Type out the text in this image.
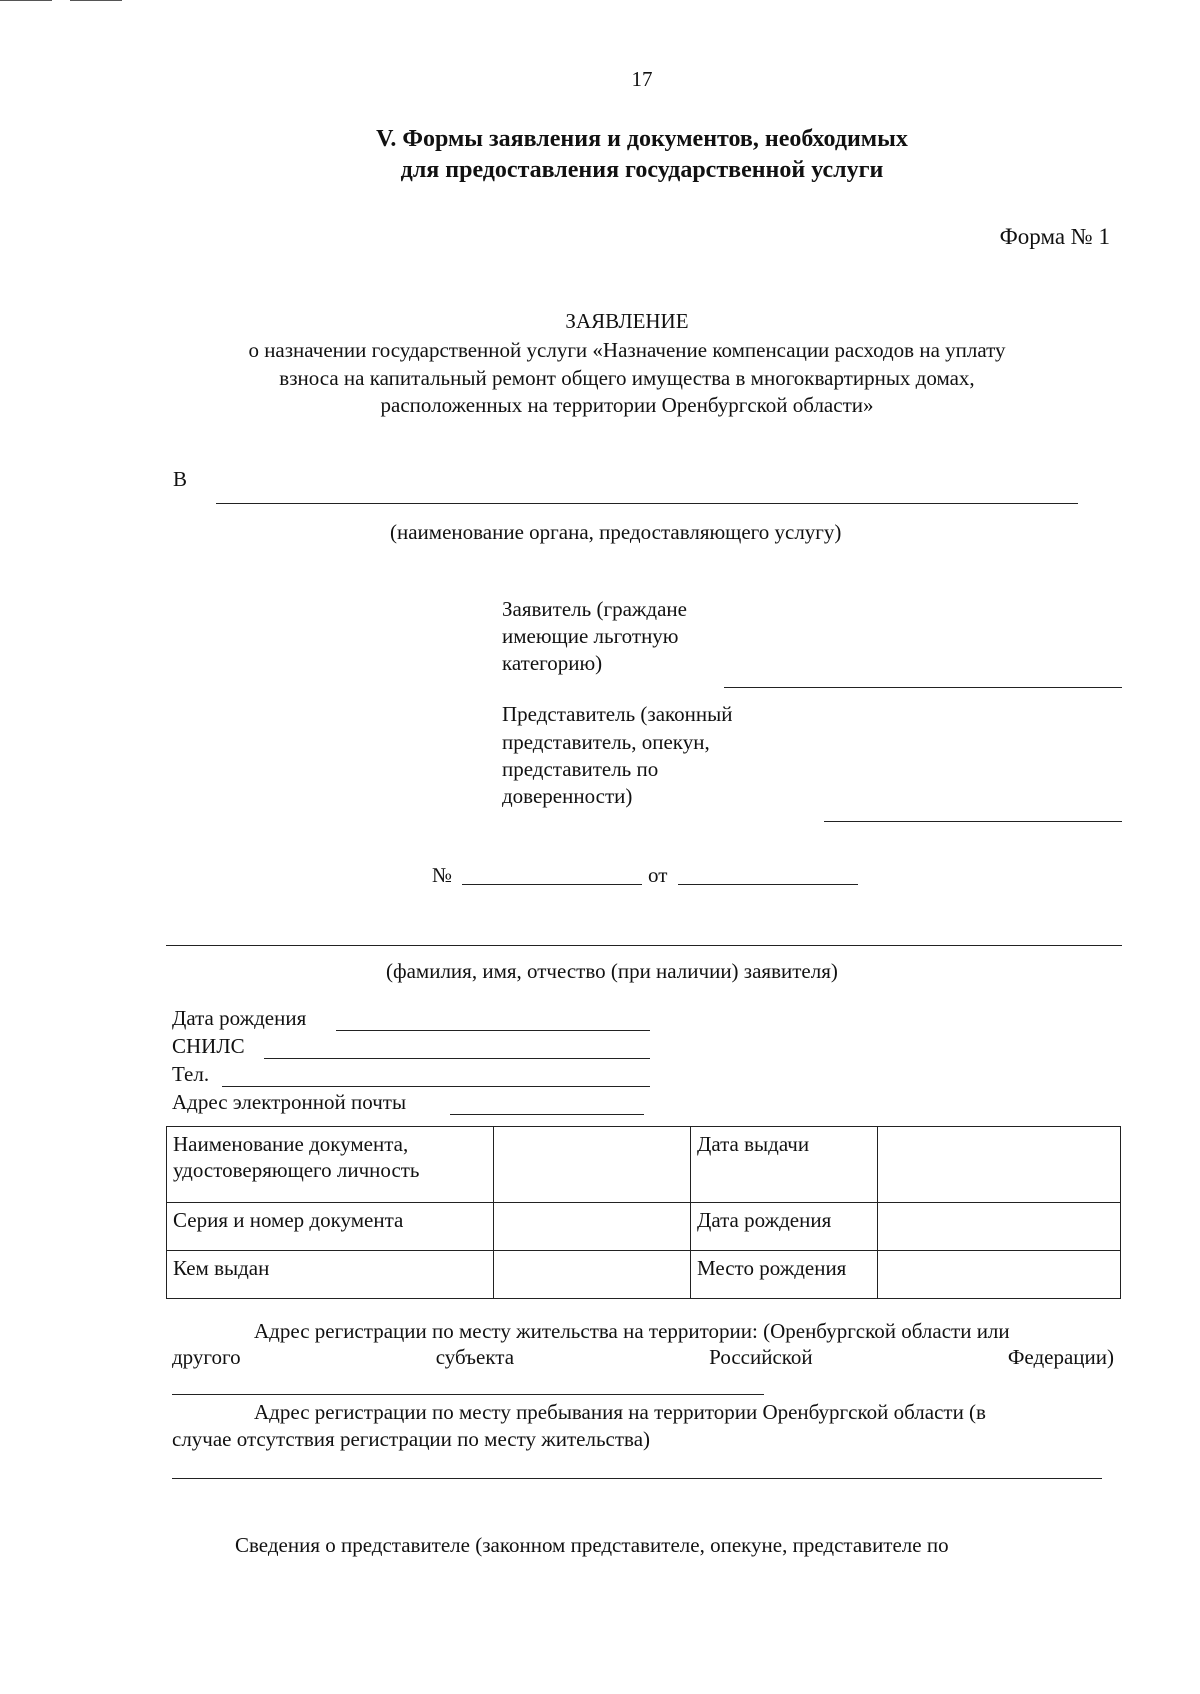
17
V. Формы заявления и документов, необходимых
для предоставления государственной услуги
Форма № 1
ЗАЯВЛЕНИЕ
о назначении государственной услуги «Назначение компенсации расходов на уплату
взноса на капитальный ремонт общего имущества в многоквартирных домах,
расположенных на территории Оренбургской области»
В
(наименование органа, предоставляющего услугу)
Заявитель (граждане
имеющие льготную
категорию)
Представитель (законный
представитель, опекун,
представитель по
доверенности)
№	от
(фамилия, имя, отчество (при наличии) заявителя)
Дата рождения
СНИЛС
Тел.
Адрес электронной почты
Наименование документа,
удостоверяющего личность		Дата выдачи	
Серия и номер документа		Дата рождения	
Кем выдан		Место рождения	
Адрес регистрации по месту жительства на территории: (Оренбургской области или
другого	субъекта	Российской	Федерации)
Адрес регистрации по месту пребывания на территории Оренбургской области (в
случае отсутствия регистрации по месту жительства)
Сведения о представителе (законном представителе, опекуне, представителе по
